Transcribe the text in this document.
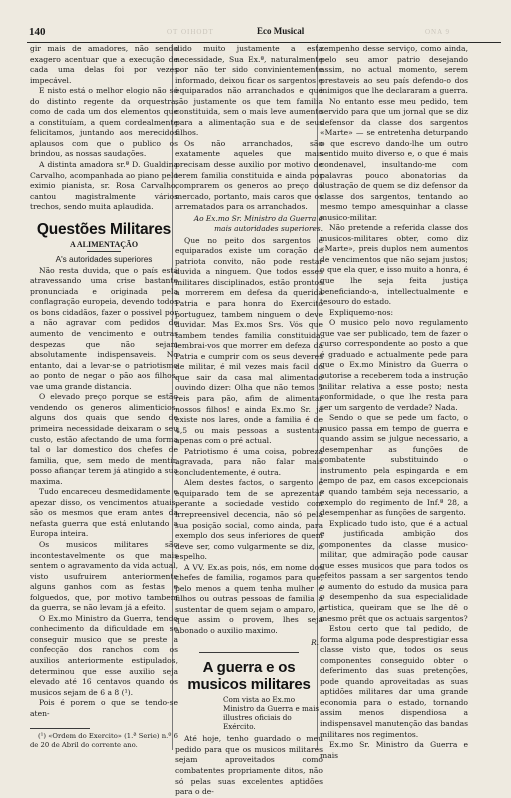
140	OT OIHODT	Eco Musical	ONA 9

gir mais de amadores, não sendo exagero acentuar que a execução de cada uma delas foi por vezes impecável.

E nisto está o melhor elogio não só do distinto regente da orquestra, como de cada um dos elementos que a constituíam, a quem cordealmente felicitamos, juntando aos merecidos aplausos com que o publico os brindou, as nossas saudações.

A distinta amadora sr.ª D. Gualdina Carvalho, acompanhada ao piano pelo eximio pianista, sr. Rosa Carvalho, cantou magistralmente vários trechos, sendo muita aplaudida.

Questões Militares
A ALIMENTAÇÃO
A's autoridades superiores

Não resta duvida, que o país está atravessando uma crise bastante pronunciada e originada pela conflagração europeia, devendo todos os bons cidadãos, fazer o possivel por a não agravar com pedidos de aumento de vencimento e outras despezas que não sejam absolutamente indispensaveis. No entanto, dai a levar-se o patriotismo ao ponto de negar o pão aos filhos, vae uma grande distancia.

O elevado preço porque se estão vendendo os generos alimenticios, alguns dos quais que sendo de primeira necessidade deixaram o seu custo, estão afectando de uma forma tal o lar domestico dos chefes de familia, que, sem medo de mentir, posso afiançar terem já atingido a sua maxima.

Tudo encareceu desmedidamente e apezar disso, os vencimentos atuais, são os mesmos que eram antes da nefasta guerra que está enlutando a Europa inteira.

Os musicos militares são incontestavelmente os que mais sentem o agravamento da vida actual, visto usufruirem anteriormente alguns ganhos com as festas e folguedos, que, por motivo tambem da guerra, se não levam já a efeito.

O Ex.mo Ministro da Guerra, tendo conhecimento da dificuldade em se conseguir musico que se preste a confecção dos ranchos com os auxilios anteriormente estipulados, determinou que esse auxilio seja elevado até 16 centavos quando os musicos sejam de 6 a 8 (¹).

Pois é porem o que se tendo-se aten-

(¹) «Ordem do Exercito» (1.ª Serie) n.º 6 de 20 de Abril do corrente ano.

dido muito justamente a esta necessidade, Sua Ex.ª, naturalmente por não ter sido convinientemente informado, deixou ficar os sargentos e equiparados não arranchados e que são justamente os que tem familia constituida, sem o mais leve aumento para a alimentação sua e de seus filhos.

Os não arranchados, são exatamente aqueles que mais precisam desse auxilio por motivo de terem familia constituida e ainda por comprarem os generos ao preço do mercado, portanto, mais caros que os arrematados para os arranchados.

Ao Ex.mo Sr. Ministro da Guerra e mais autoridades superiores.

Que no peito dos sargentos e equiparados existe um coração de patriota convito, não pode restar duvida a ninguem. Que todos esses militares disciplinados, estão prontos a morrerem em defesa da querida Patria e para honra do Exercito portuguez, tambem ninguem o deve duvidar. Mas Ex.mos Srs. Vós que tambem tendes familia constituida, lembrai-vos que morrer em defeza da Patria e cumprir com os seus deveres de militar, é mil vezes mais facil do que sair da casa mal alimentado ouvindo dizer: Olha que não temos 5 reis para pão, afim de alimentar nossos filhos! e ainda Ex.mo Sr. já existe nos lares, onde a familia é de 4,5 ou mais pessoas a sustentar apenas com o pré actual.

Patriotismo é uma coisa, pobreza agravada, para não falar mais concludentemente, é outra.

Alem destes factos, o sargento e equiparado tem de se aprezentar perante a sociedade vestido com irrepreensivel decencia, não só pela sua posição social, como ainda, para exemplo dos seus inferiores de quem deve ser, como vulgarmente se diz, o espelho.

A VV. Ex.as pois, nós, em nome dos chefes de familia, rogamos para que, pelo menos a quem tenha mulher e filhos ou outras pessoas de familia a sustentar de quem sejam o amparo, e que assim o provem, lhes seja abonado o auxilio maximo.

R.

A guerra e os musicos militares

Com vista ao Ex.mo Ministro da Guerra e mais illustres oficiais do Exército.

Até hoje, tenho guardado o meu pedido para que os musicos militares sejam aproveitados como combatentes propriamente ditos, não só pelas suas excelentes aptidões para o de-

zempenho desse serviço, como ainda, pelo seu amor patrio desejando assim, no actual momento, serem prestaveis ao seu país defendo-o dos inimigos que lhe declararam a guerra.

No entanto esse meu pedido, tem servido para que um jornal que se diz defensor da classe dos sargentos «Marte» — se entretenha deturpando o que escrevo dando-lhe um outro sentido muito diverso e, o que é mais condenavel, insultando-me com palavras pouco abonatorias da ilustração de quem se diz defensor da classe dos sargentos, tentando ao mesmo tempo amesquinhar a classe musico-militar.

Não pretende a referida classe dos musicos-militares obter, como diz «Marte», preis duplos nem aumentos de vencimentos que não sejam justos; o que ela quer, e isso muito a honra, é que lhe seja feita justiça beneficiando-a, intellectualmente e tesouro do estado.

Expliquemo-nos:

O musico pelo novo regulamento que vae ser publicado, tem de fazer o curso correspondente ao posto a que é graduado e actualmente pede para que o Ex.mo Ministro da Guerra o autorise a receberem toda a instrução militar relativa a esse posto; nesta conformidade, o que lhe resta para ser um sargento de verdade? Nada.

Sendo o que se pede um facto, o musico passa em tempo de guerra e quando assim se julgue necessario, a desempenhar as funções de combatente substituindo o instrumento pela espingarda e em tempo de paz, em casos excepcionais e quando também seja necessario, a exemplo do regimento de Inf.ª 28, a desempenhar as funções de sargento.

Explicado tudo isto, que é a actual e justificada ambição dos componentes da classe musico-militar, que admiração pode causar que esses musicos que para todos os efeitos passam a ser sargentos tendo o aumento do estudo da musica para o desempenho da sua especialidade artistica, queiram que se lhe dê o mesmo prêt que os actuais sargentos?

Estou certo que tal pedido, de forma alguma pode desprestigiar essa classe visto que, todos os seus componentes conseguido obter o deferimento das suas pretenções, pode quando aproveitadas as suas aptidões militares dar uma grande economia para o estado, tornando assim menos dispendiosa a indispensavel manutenção das bandas militares nos regimentos.

Ex.mo Sr. Ministro da Guerra e mais
